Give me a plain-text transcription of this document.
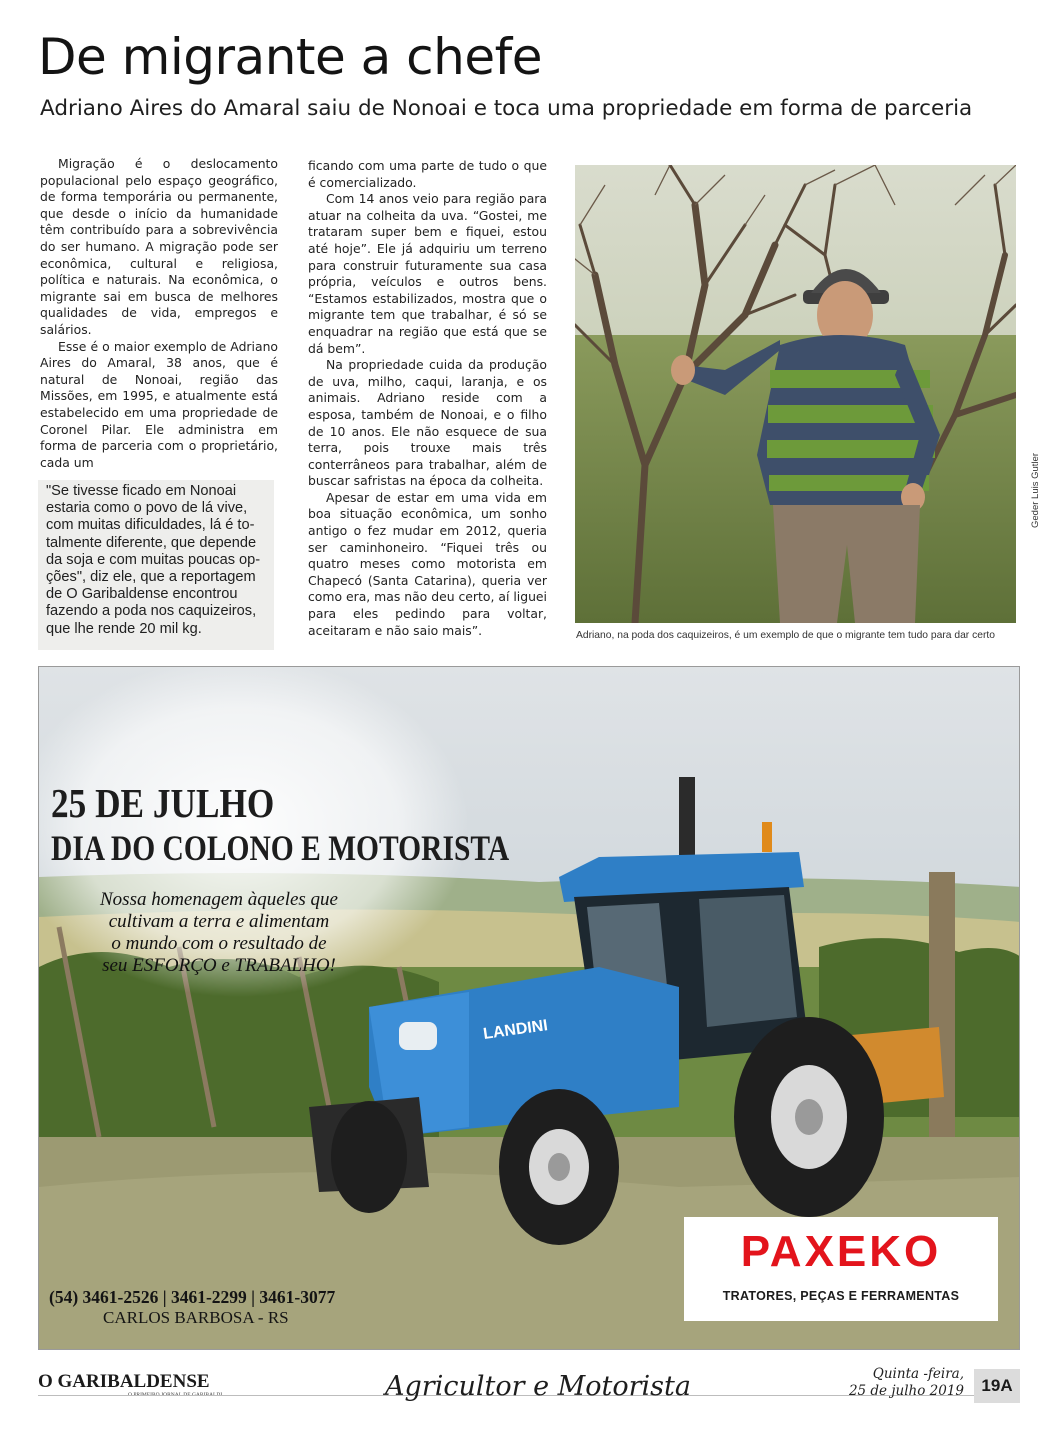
De migrante a chefe
Adriano Aires do Amaral saiu de Nonoai e toca uma propriedade em forma de parceria

Migração é o deslocamento populacional pelo espaço geográfico, de forma temporária ou permanente, que desde o início da humanidade têm contribuído para a sobrevivência do ser humano. A migração pode ser econômica, cultural e religiosa, política e naturais. Na econômica, o migrante sai em busca de melhores qualidades de vida, empregos e salários.

Esse é o maior exemplo de Adriano Aires do Amaral, 38 anos, que é natural de Nonoai, região das Missões, em 1995, e atualmente está estabelecido em uma propriedade de Coronel Pilar. Ele administra em forma de parceria com o proprietário, cada um

"Se tivesse ficado em Nonoai
estaria como o povo de lá vive,
com muitas dificuldades, lá é to-
talmente diferente, que depende
da soja e com muitas poucas op-
ções", diz ele, que a reportagem
de O Garibaldense encontrou
fazendo a poda nos caquizeiros,
que lhe rende 20 mil kg.

ficando com uma parte de tudo o que é comercializado.

Com 14 anos veio para região para atuar na colheita da uva. “Gostei, me trataram super bem e fiquei, estou até hoje”. Ele já adquiriu um terreno para construir futuramente sua casa própria, veículos e outros bens. “Estamos estabilizados, mostra que o migrante tem que trabalhar, é só se enquadrar na região que está que se dá bem”.

Na propriedade cuida da produção de uva, milho, caqui, laranja, e os animais. Adriano reside com a esposa, também de Nonoai, e o filho de 10 anos. Ele não esquece de sua terra, pois trouxe mais três conterrâneos para trabalhar, além de buscar safristas na época da colheita.

Apesar de estar em uma vida em boa situação econômica, um sonho antigo o fez mudar em 2012, queria ser caminhoneiro. “Fiquei três ou quatro meses como motorista em Chapecó (Santa Catarina), queria ver como era, mas não deu certo, aí liguei para eles pedindo para voltar, aceitaram e não saio mais”.

Geder Luis Gutler
Adriano, na poda dos caquizeiros, é um exemplo de que o migrante tem tudo para dar certo
LANDINI
25 DE JULHO
DIA DO COLONO E MOTORISTA
Nossa homenagem àqueles que
cultivam a terra e alimentam
o mundo com o resultado de
seu ESFORÇO e TRABALHO!
(54) 3461-2526 | 3461-2299 | 3461-3077
CARLOS BARBOSA - RS
PAXEKO
TRATORES, PEÇAS E FERRAMENTAS
O GARIBALDENSE	Agricultor e Motorista	Quinta -feira,
25 de julho 2019	19A
